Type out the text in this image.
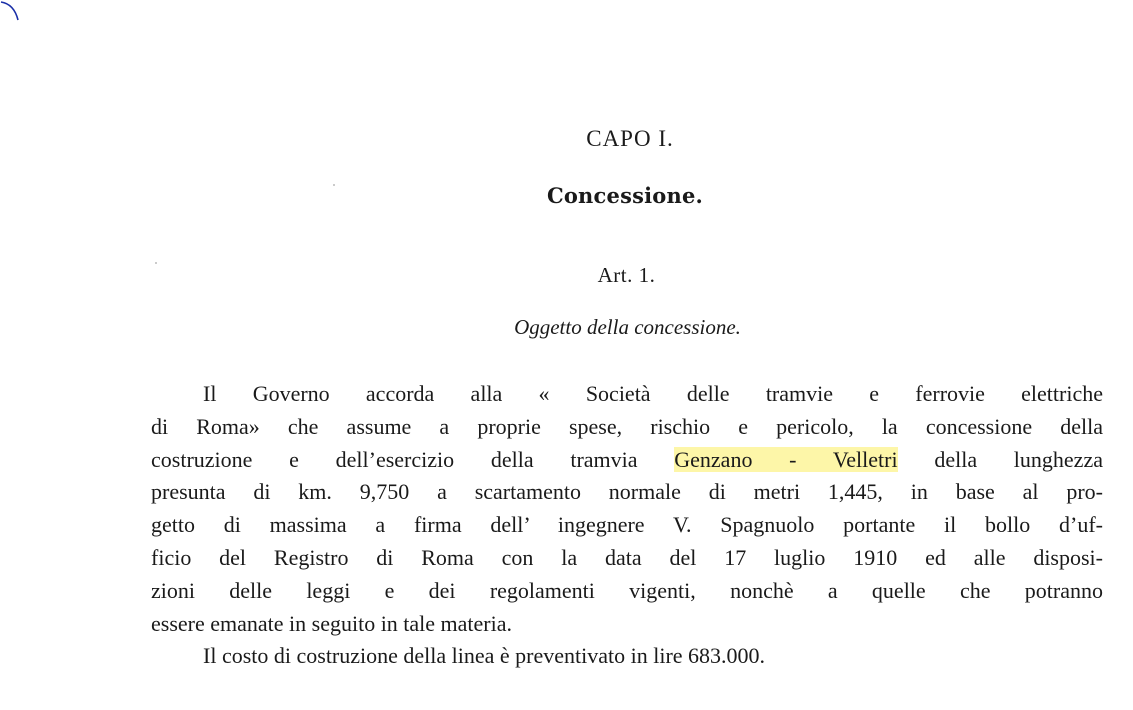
CAPO I.
Concessione.
Art. 1.
Oggetto della concessione.
Il Governo accorda alla « Società delle tramvie e ferrovie elettriche
di Roma» che assume a proprie spese, rischio e pericolo, la concessione della
costruzione e dell’esercizio della tramvia Genzano - Velletri della lunghezza
presunta di km. 9,750 a scartamento normale di metri 1,445, in base al pro-
getto di massima a firma dell’ ingegnere V. Spagnuolo portante il bollo d’uf-
ficio del Registro di Roma con la data del 17 luglio 1910 ed alle disposi-
zioni delle leggi e dei regolamenti vigenti, nonchè a quelle che potranno
essere emanate in seguito in tale materia.
Il costo di costruzione della linea è preventivato in lire 683.000.
